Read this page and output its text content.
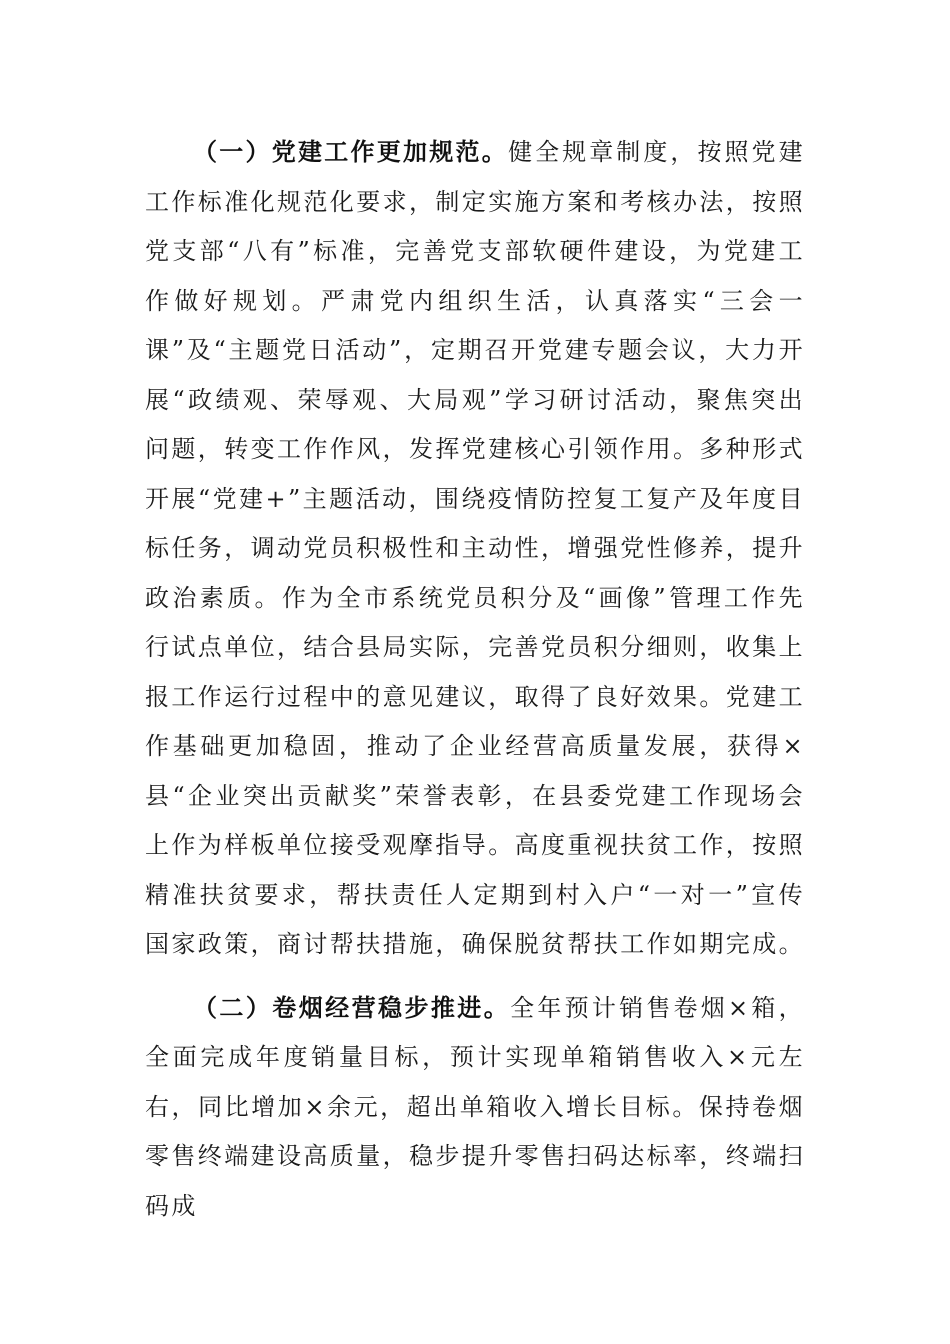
（一）党建工作更加规范。健全规章制度，按照党建工作标准化规范化要求，制定实施方案和考核办法，按照党支部“八有”标准，完善党支部软硬件建设，为党建工作做好规划。严肃党内组织生活，认真落实“三会一课”及“主题党日活动”，定期召开党建专题会议，大力开展“政绩观、荣辱观、大局观”学习研讨活动，聚焦突出问题，转变工作作风，发挥党建核心引领作用。多种形式开展“党建+”主题活动，围绕疫情防控复工复产及年度目标任务，调动党员积极性和主动性，增强党性修养，提升政治素质。作为全市系统党员积分及“画像”管理工作先行试点单位，结合县局实际，完善党员积分细则，收集上报工作运行过程中的意见建议，取得了良好效果。党建工作基础更加稳固，推动了企业经营高质量发展，获得×县“企业突出贡献奖”荣誉表彰，在县委党建工作现场会上作为样板单位接受观摩指导。高度重视扶贫工作，按照精准扶贫要求，帮扶责任人定期到村入户“一对一”宣传国家政策，商讨帮扶措施，确保脱贫帮扶工作如期完成。

（二）卷烟经营稳步推进。全年预计销售卷烟×箱，全面完成年度销量目标，预计实现单箱销售收入×元左右，同比增加×余元，超出单箱收入增长目标。保持卷烟零售终端建设高质量，稳步提升零售扫码达标率，终端扫码成
